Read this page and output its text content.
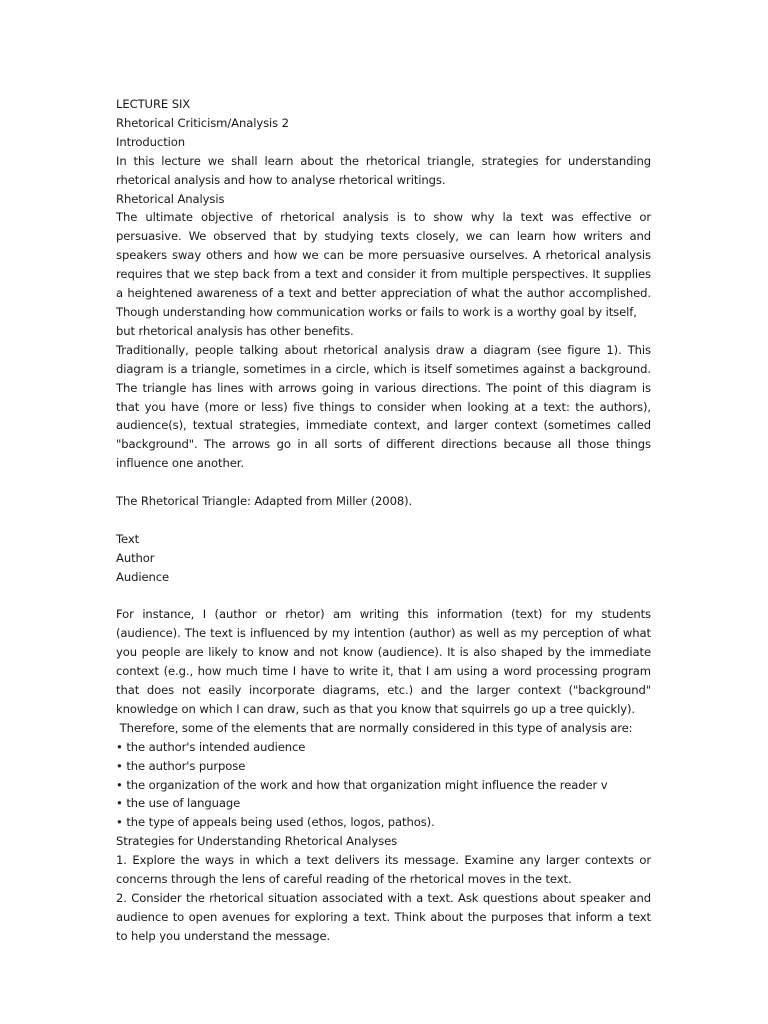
LECTURE SIX
Rhetorical Criticism/Analysis 2
Introduction
In this lecture we shall learn about the rhetorical triangle, strategies for understanding rhetorical analysis and how to analyse rhetorical writings.
Rhetorical Analysis
The ultimate objective of rhetorical analysis is to show why la text was effective or persuasive. We observed that by studying texts closely, we can learn how writers and speakers sway others and how we can be more persuasive ourselves. A rhetorical analysis requires that we step back from a text and consider it from multiple perspectives. It supplies a heightened awareness of a text and better appreciation of what the author accomplished. Though understanding how communication works or fails to work is a worthy goal by itself,
but rhetorical analysis has other benefits.
Traditionally, people talking about rhetorical analysis draw a diagram (see figure 1). This diagram is a triangle, sometimes in a circle, which is itself sometimes against a background. The triangle has lines with arrows going in various directions. The point of this diagram is that you have (more or less) five things to consider when looking at a text: the authors), audience(s), textual strategies, immediate context, and larger context (sometimes called "background". The arrows go in all sorts of different directions because all those things influence one another.
The Rhetorical Triangle: Adapted from Miller (2008).
Text
Author
Audience
For instance, I (author or rhetor) am writing this information (text) for my students (audience). The text is influenced by my intention (author) as well as my perception of what you people are likely to know and not know (audience). It is also shaped by the immediate context (e.g., how much time I have to write it, that I am using a word processing program that does not easily incorporate diagrams, etc.) and the larger context ("background" knowledge on which I can draw, such as that you know that squirrels go up a tree quickly).
Therefore, some of the elements that are normally considered in this type of analysis are:
• the author's intended audience
• the author's purpose
• the organization of the work and how that organization might influence the reader v
• the use of language
• the type of appeals being used (ethos, logos, pathos).
Strategies for Understanding Rhetorical Analyses
1. Explore the ways in which a text delivers its message. Examine any larger contexts or concerns through the lens of careful reading of the rhetorical moves in the text.
2. Consider the rhetorical situation associated with a text. Ask questions about speaker and audience to open avenues for exploring a text. Think about the purposes that inform a text to help you understand the message.
